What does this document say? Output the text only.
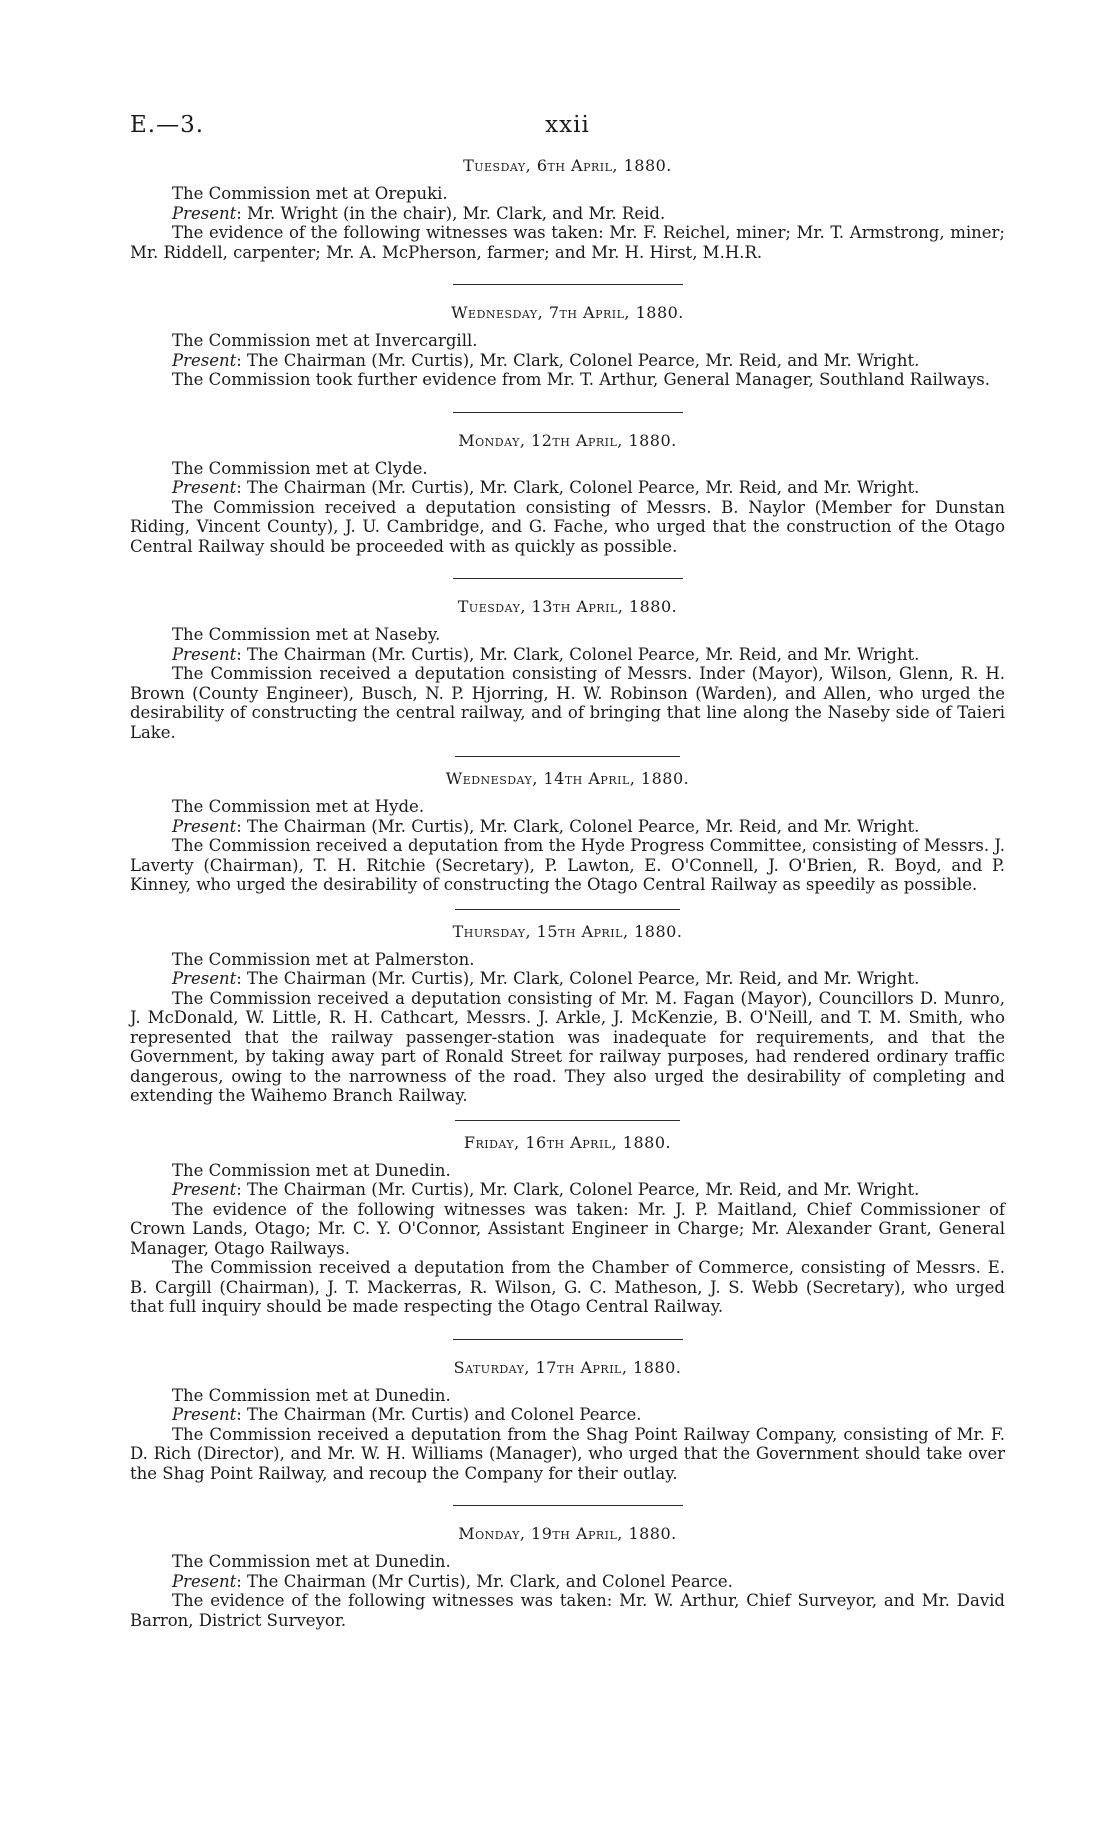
E.—3.	xxii
Tuesday, 6th April, 1880.

The Commission met at Orepuki.

Present: Mr. Wright (in the chair), Mr. Clark, and Mr. Reid.

The evidence of the following witnesses was taken: Mr. F. Reichel, miner; Mr. T. Armstrong, miner; Mr. Riddell, carpenter; Mr. A. McPherson, farmer; and Mr. H. Hirst, M.H.R.

Wednesday, 7th April, 1880.

The Commission met at Invercargill.

Present: The Chairman (Mr. Curtis), Mr. Clark, Colonel Pearce, Mr. Reid, and Mr. Wright.

The Commission took further evidence from Mr. T. Arthur, General Manager, Southland Railways.

Monday, 12th April, 1880.

The Commission met at Clyde.

Present: The Chairman (Mr. Curtis), Mr. Clark, Colonel Pearce, Mr. Reid, and Mr. Wright.

The Commission received a deputation consisting of Messrs. B. Naylor (Member for Dunstan Riding, Vincent County), J. U. Cambridge, and G. Fache, who urged that the construction of the Otago Central Railway should be proceeded with as quickly as possible.

Tuesday, 13th April, 1880.

The Commission met at Naseby.

Present: The Chairman (Mr. Curtis), Mr. Clark, Colonel Pearce, Mr. Reid, and Mr. Wright.

The Commission received a deputation consisting of Messrs. Inder (Mayor), Wilson, Glenn, R. H. Brown (County Engineer), Busch, N. P. Hjorring, H. W. Robinson (Warden), and Allen, who urged the desirability of constructing the central railway, and of bringing that line along the Naseby side of Taieri Lake.

Wednesday, 14th April, 1880.

The Commission met at Hyde.

Present: The Chairman (Mr. Curtis), Mr. Clark, Colonel Pearce, Mr. Reid, and Mr. Wright.

The Commission received a deputation from the Hyde Progress Committee, consisting of Messrs. J. Laverty (Chairman), T. H. Ritchie (Secretary), P. Lawton, E. O'Connell, J. O'Brien, R. Boyd, and P. Kinney, who urged the desirability of constructing the Otago Central Railway as speedily as possible.

Thursday, 15th April, 1880.

The Commission met at Palmerston.

Present: The Chairman (Mr. Curtis), Mr. Clark, Colonel Pearce, Mr. Reid, and Mr. Wright.

The Commission received a deputation consisting of Mr. M. Fagan (Mayor), Councillors D. Munro, J. McDonald, W. Little, R. H. Cathcart, Messrs. J. Arkle, J. McKenzie, B. O'Neill, and T. M. Smith, who represented that the railway passenger-station was inadequate for requirements, and that the Government, by taking away part of Ronald Street for railway purposes, had rendered ordinary traffic dangerous, owing to the narrowness of the road. They also urged the desirability of completing and extending the Waihemo Branch Railway.

Friday, 16th April, 1880.

The Commission met at Dunedin.

Present: The Chairman (Mr. Curtis), Mr. Clark, Colonel Pearce, Mr. Reid, and Mr. Wright.

The evidence of the following witnesses was taken: Mr. J. P. Maitland, Chief Commissioner of Crown Lands, Otago; Mr. C. Y. O'Connor, Assistant Engineer in Charge; Mr. Alexander Grant, General Manager, Otago Railways.

The Commission received a deputation from the Chamber of Commerce, consisting of Messrs. E. B. Cargill (Chairman), J. T. Mackerras, R. Wilson, G. C. Matheson, J. S. Webb (Secretary), who urged that full inquiry should be made respecting the Otago Central Railway.

Saturday, 17th April, 1880.

The Commission met at Dunedin.

Present: The Chairman (Mr. Curtis) and Colonel Pearce.

The Commission received a deputation from the Shag Point Railway Company, consisting of Mr. F. D. Rich (Director), and Mr. W. H. Williams (Manager), who urged that the Government should take over the Shag Point Railway, and recoup the Company for their outlay.

Monday, 19th April, 1880.

The Commission met at Dunedin.

Present: The Chairman (Mr Curtis), Mr. Clark, and Colonel Pearce.

The evidence of the following witnesses was taken: Mr. W. Arthur, Chief Surveyor, and Mr. David Barron, District Surveyor.
